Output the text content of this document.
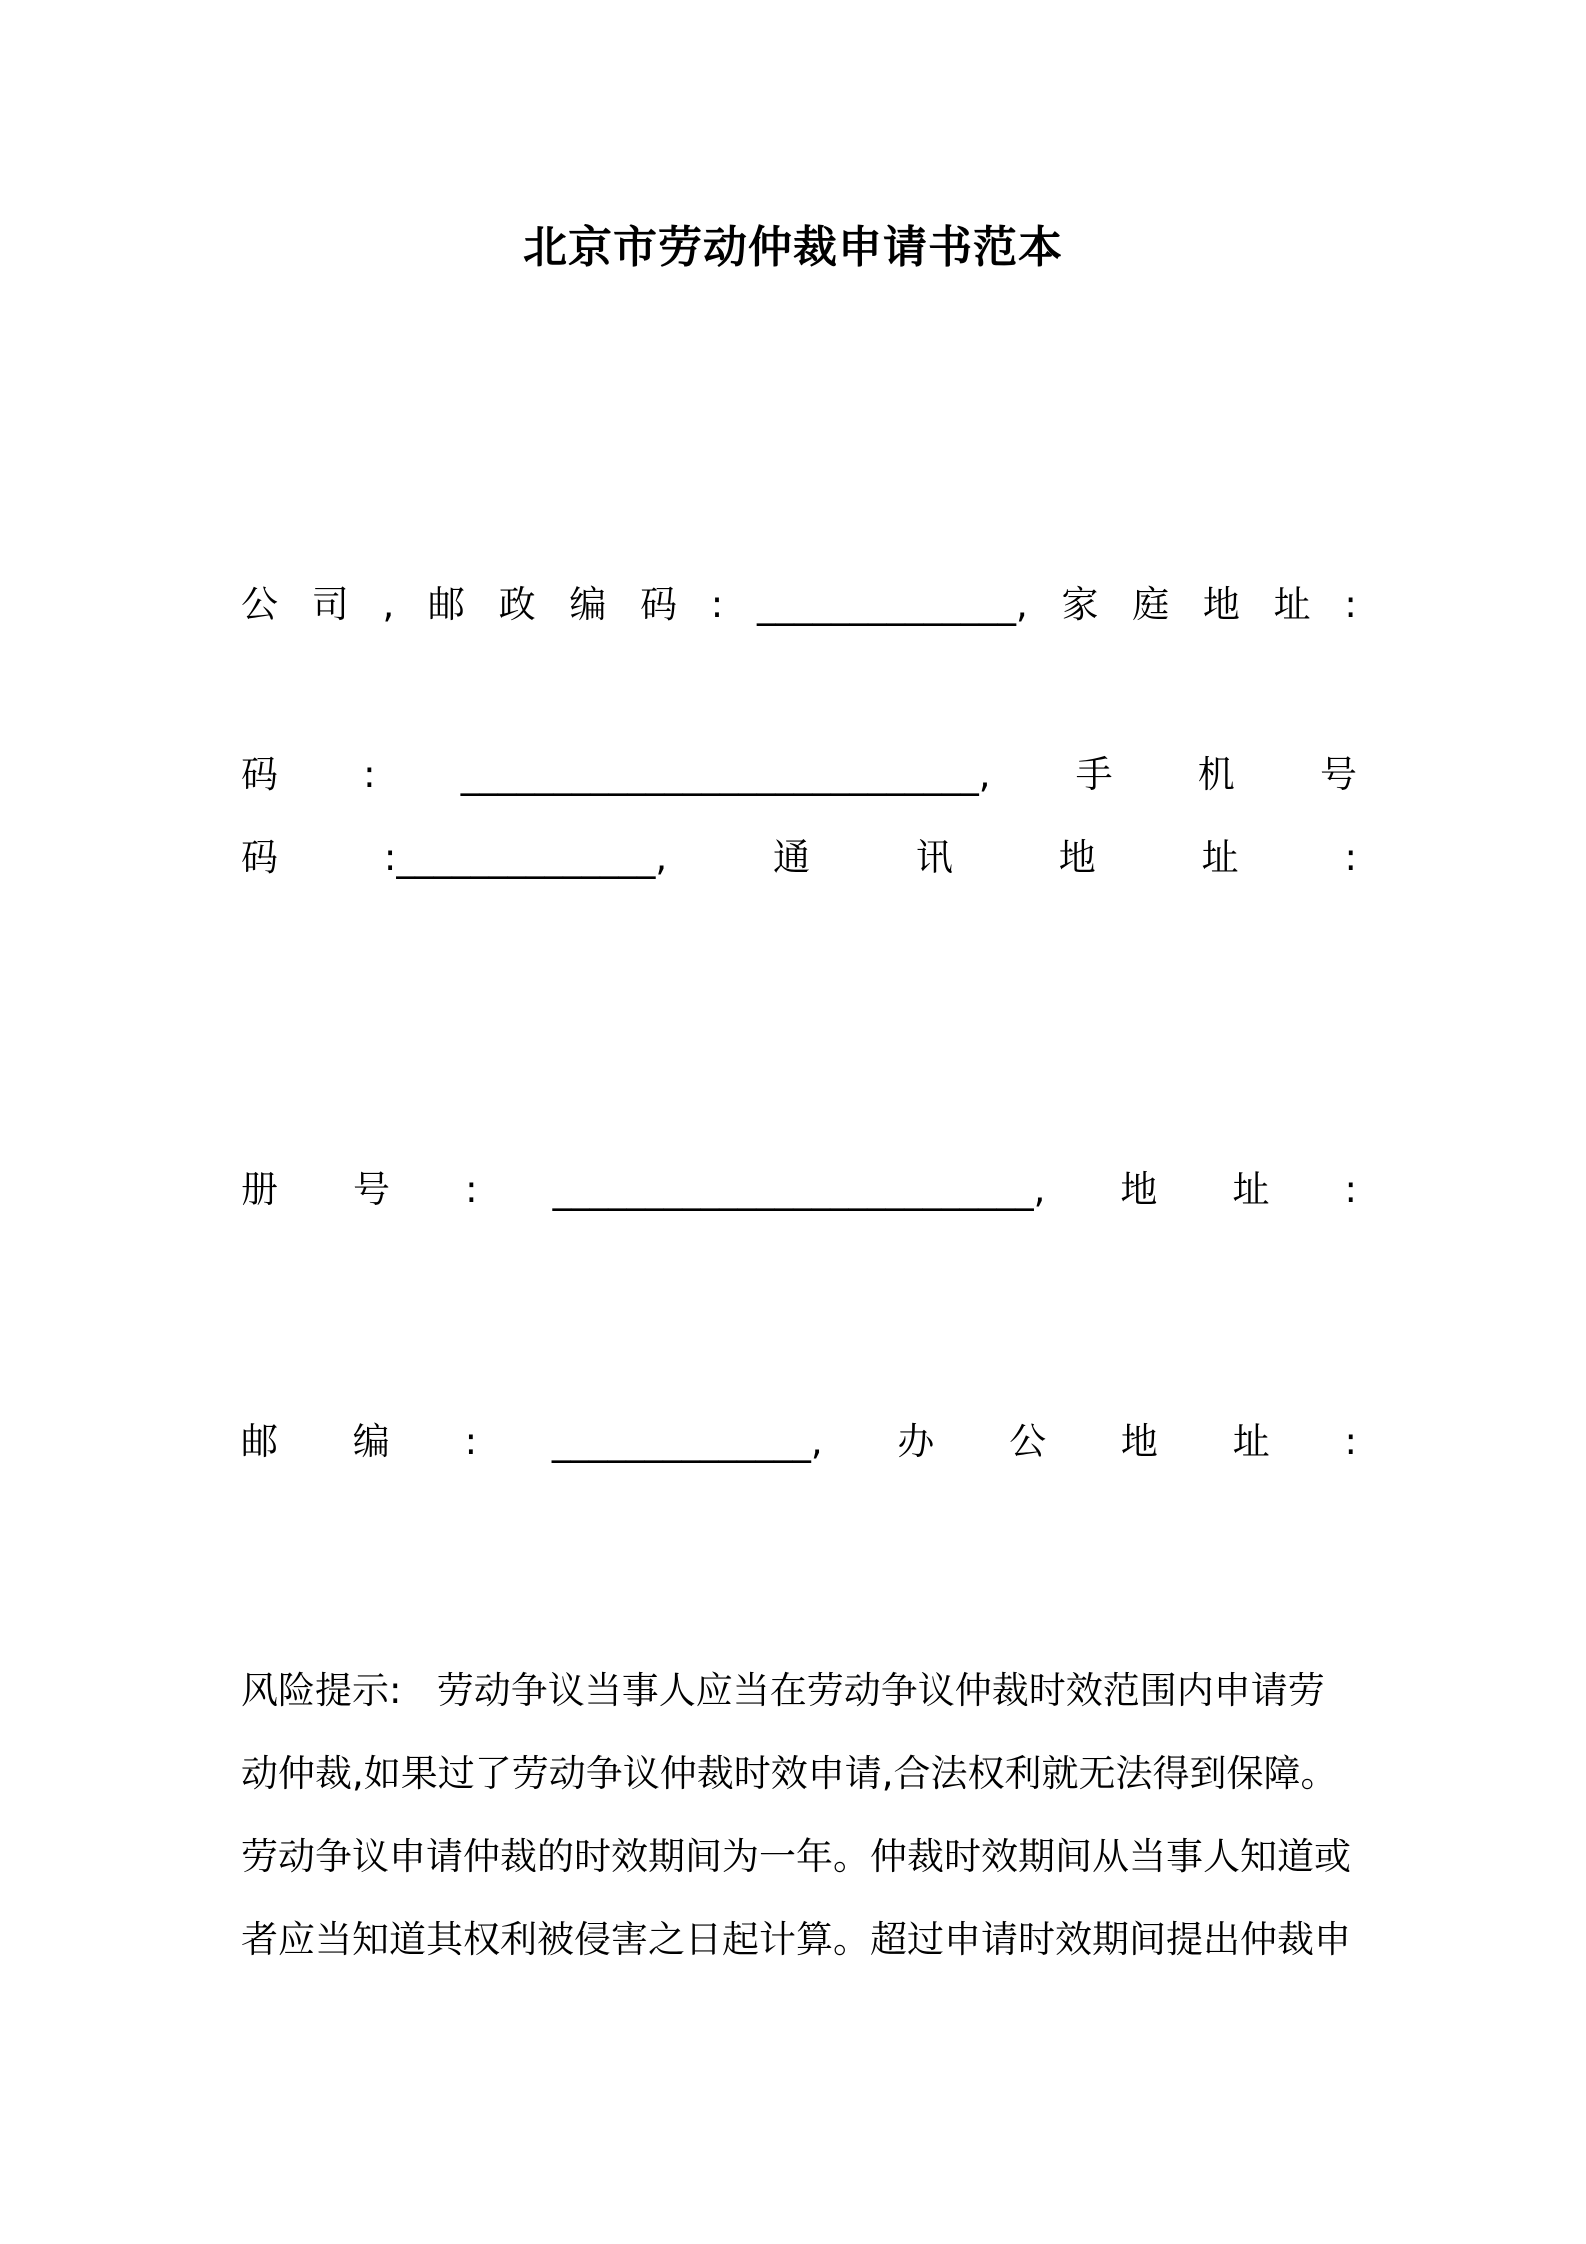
北京市劳动仲裁申请书范本

公 司 , 邮 政 编 码 : ______________, 家 庭 地 址 :

码 : ____________________________, 手 机 号
码	:______________,	通	讯	地	址	:

册 号 : __________________________, 地 址 :

邮 编 : ______________, 办 公 地 址 :

风险提示:   劳动争议当事人应当在劳动争议仲裁时效范围内申请劳
动仲裁,如果过了劳动争议仲裁时效申请,合法权利就无法得到保障。
劳动争议申请仲裁的时效期间为一年。仲裁时效期间从当事人知道或
者应当知道其权利被侵害之日起计算。超过申请时效期间提出仲裁申
